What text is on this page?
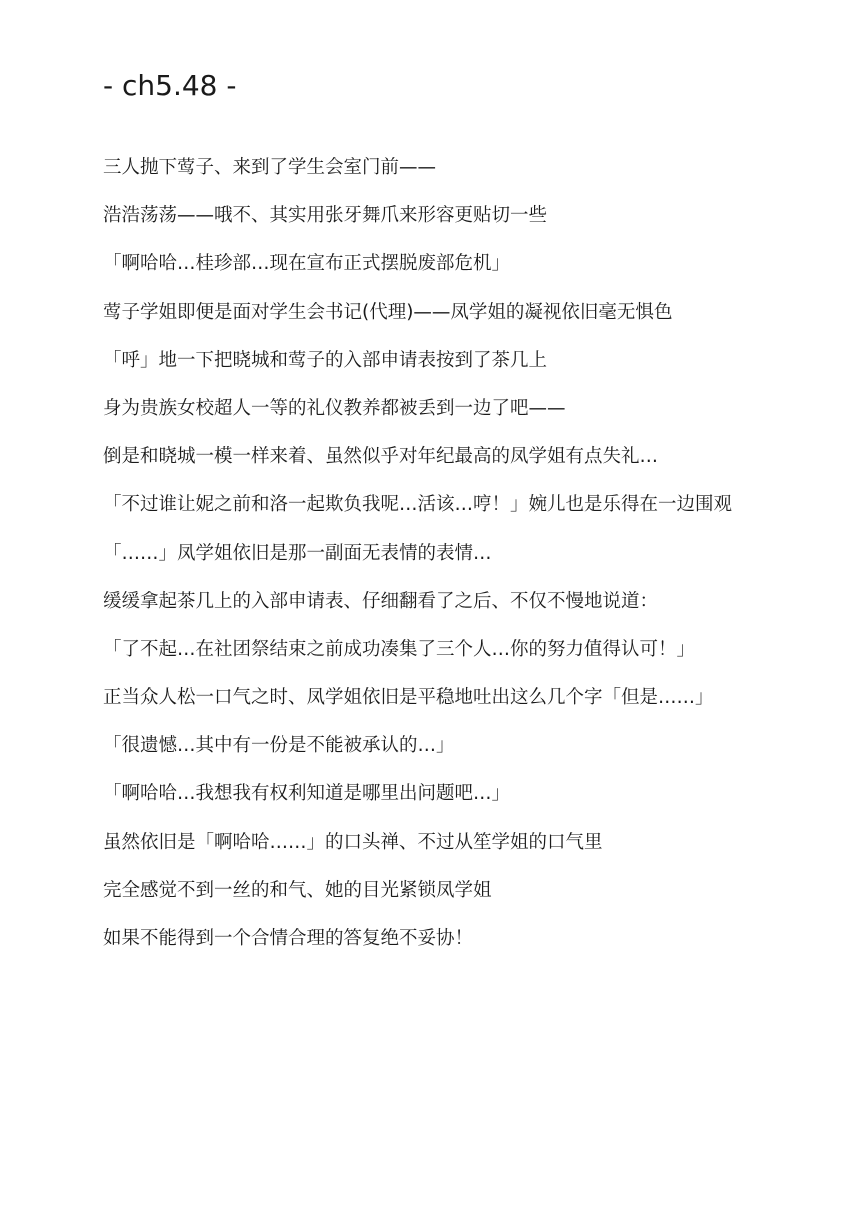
- ch5.48 -
三人抛下莺子、来到了学生会室门前——
浩浩荡荡——哦不、其实用张牙舞爪来形容更贴切一些
「啊哈哈…桂珍部…现在宣布正式摆脱废部危机」
莺子学姐即便是面对学生会书记(代理)——凤学姐的凝视依旧毫无惧色
「呼」地一下把晓城和莺子的入部申请表按到了茶几上
身为贵族女校超人一等的礼仪教养都被丢到一边了吧——
倒是和晓城一模一样来着、虽然似乎对年纪最高的凤学姐有点失礼…
「不过谁让妮之前和洛一起欺负我呢…活该…哼！」婉儿也是乐得在一边围观
「……」凤学姐依旧是那一副面无表情的表情…
缓缓拿起茶几上的入部申请表、仔细翻看了之后、不仅不慢地说道：
「了不起…在社团祭结束之前成功凑集了三个人…你的努力值得认可！」
正当众人松一口气之时、凤学姐依旧是平稳地吐出这么几个字「但是……」
「很遗憾…其中有一份是不能被承认的…」
「啊哈哈…我想我有权利知道是哪里出问题吧…」
虽然依旧是「啊哈哈……」的口头禅、不过从笙学姐的口气里
完全感觉不到一丝的和气、她的目光紧锁凤学姐
如果不能得到一个合情合理的答复绝不妥协！
